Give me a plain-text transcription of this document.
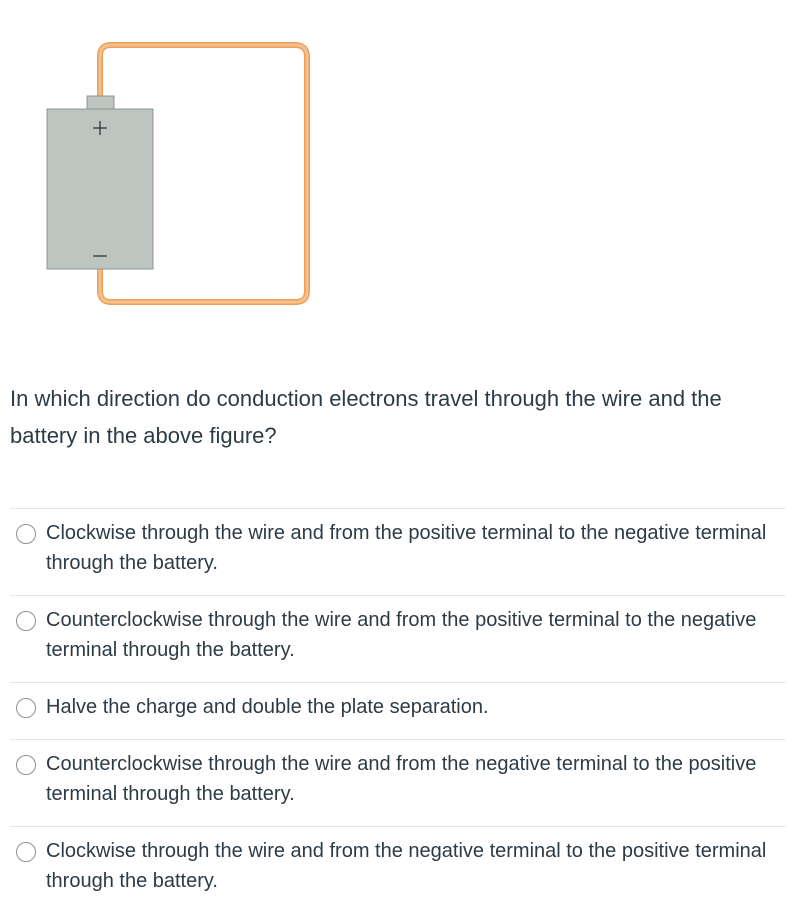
In which direction do conduction electrons travel through the wire and the battery in the above figure?

Clockwise through the wire and from the positive terminal to the negative terminal through the battery.
Counterclockwise through the wire and from the positive terminal to the negative terminal through the battery.
Halve the charge and double the plate separation.
Counterclockwise through the wire and from the negative terminal to the positive terminal through the battery.
Clockwise through the wire and from the negative terminal to the positive terminal through the battery.
